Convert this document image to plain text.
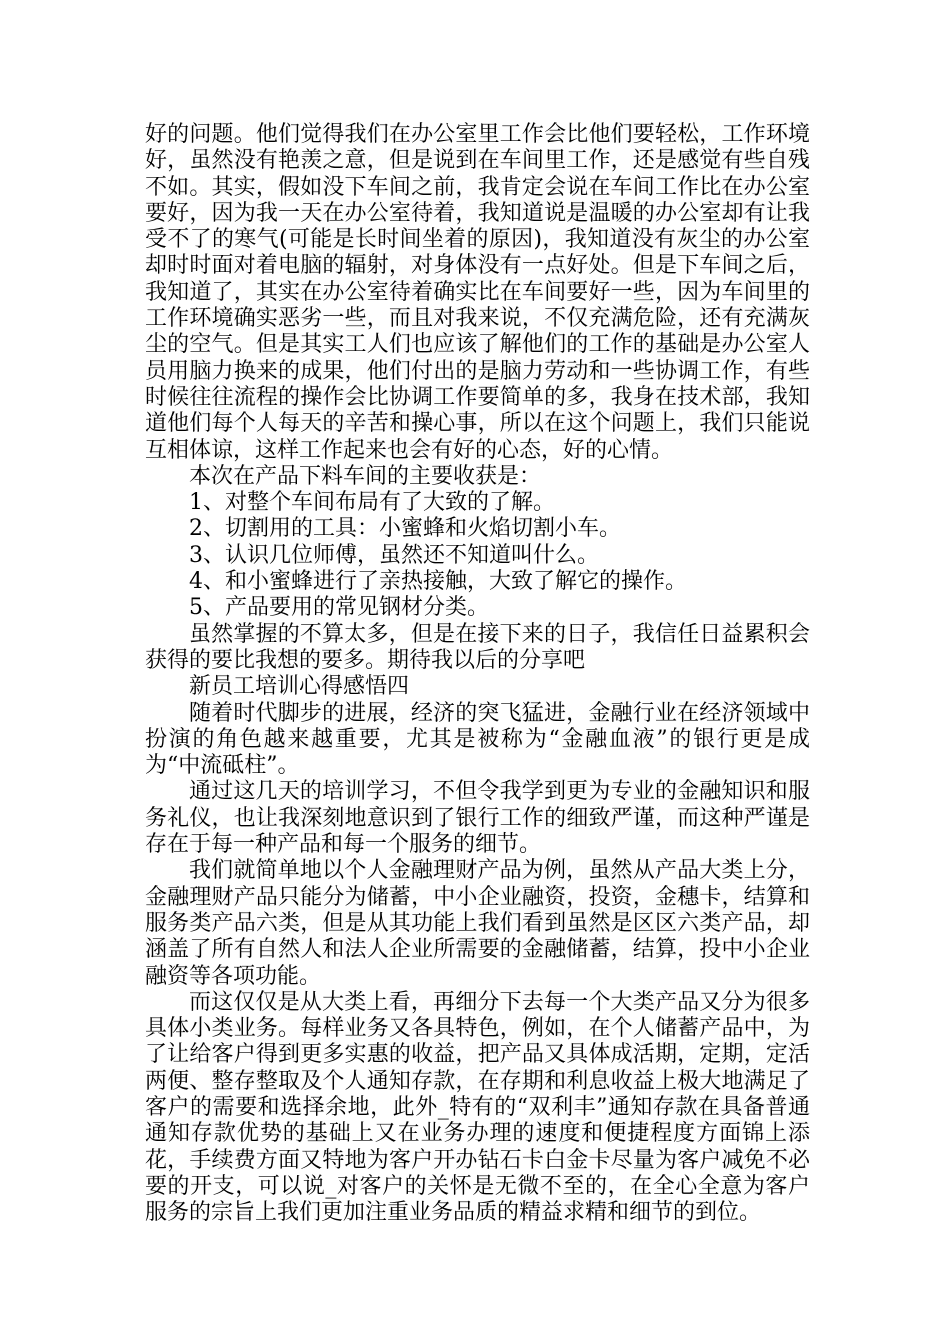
好的问题。他们觉得我们在办公室里工作会比他们要轻松，工作环境好，虽然没有艳羡之意，但是说到在车间里工作，还是感觉有些自残不如。其实，假如没下车间之前，我肯定会说在车间工作比在办公室要好，因为我一天在办公室待着，我知道说是温暖的办公室却有让我受不了的寒气(可能是长时间坐着的原因)，我知道没有灰尘的办公室却时时面对着电脑的辐射，对身体没有一点好处。但是下车间之后，我知道了，其实在办公室待着确实比在车间要好一些，因为车间里的工作环境确实恶劣一些，而且对我来说，不仅充满危险，还有充满灰尘的空气。但是其实工人们也应该了解他们的工作的基础是办公室人员用脑力换来的成果，他们付出的是脑力劳动和一些协调工作，有些时候往往流程的操作会比协调工作要简单的多，我身在技术部，我知道他们每个人每天的辛苦和操心事，所以在这个问题上，我们只能说互相体谅，这样工作起来也会有好的心态，好的心情。

本次在产品下料车间的主要收获是：

1、对整个车间布局有了大致的了解。

2、切割用的工具：小蜜蜂和火焰切割小车。

3、认识几位师傅，虽然还不知道叫什么。

4、和小蜜蜂进行了亲热接触，大致了解它的操作。

5、产品要用的常见钢材分类。

虽然掌握的不算太多，但是在接下来的日子，我信任日益累积会获得的要比我想的要多。期待我以后的分享吧

新员工培训心得感悟四

随着时代脚步的进展，经济的突飞猛进，金融行业在经济领域中扮演的角色越来越重要，尤其是被称为“金融血液”的银行更是成为“中流砥柱”。

通过这几天的培训学习，不但令我学到更为专业的金融知识和服务礼仪，也让我深刻地意识到了银行工作的细致严谨，而这种严谨是存在于每一种产品和每一个服务的细节。

我们就简单地以个人金融理财产品为例，虽然从产品大类上分，金融理财产品只能分为储蓄，中小企业融资，投资，金穗卡，结算和服务类产品六类，但是从其功能上我们看到虽然是区区六类产品，却涵盖了所有自然人和法人企业所需要的金融储蓄，结算，投中小企业融资等各项功能。

而这仅仅是从大类上看，再细分下去每一个大类产品又分为很多具体小类业务。每样业务又各具特色，例如，在个人储蓄产品中，为了让给客户得到更多实惠的收益，把产品又具体成活期，定期，定活两便、整存整取及个人通知存款，在存期和利息收益上极大地满足了客户的需要和选择余地，此外_特有的“双利丰”通知存款在具备普通通知存款优势的基础上又在业务办理的速度和便捷程度方面锦上添花，手续费方面又特地为客户开办钻石卡白金卡尽量为客户减免不必要的开支，可以说_对客户的关怀是无微不至的，在全心全意为客户服务的宗旨上我们更加注重业务品质的精益求精和细节的到位。
